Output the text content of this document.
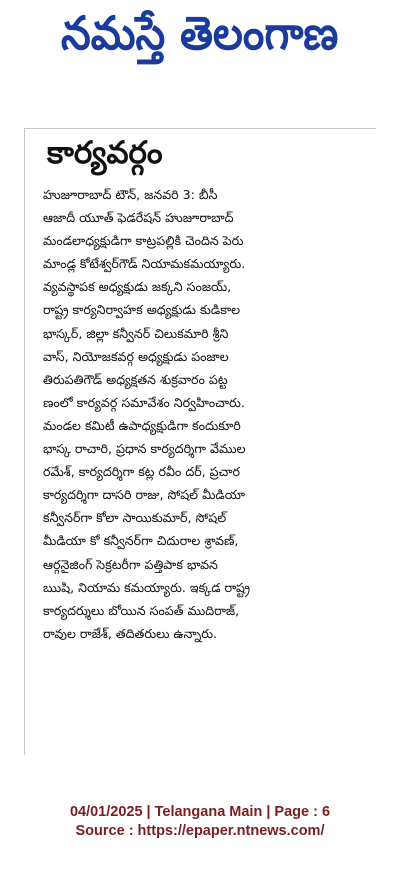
నమస్తే తెలంగాణ
కార్యవర్గం
హుజూరాబాద్ టౌన్, జనవరి 3: బీసీ
ఆజాదీ యూత్ ఫెడరేషన్ హుజూరాబాద్
మండలాధ్యక్షుడిగా కాట్రపల్లికి చెందిన పెరు
మాండ్ల కోటేశ్వర్‌గౌడ్ నియామకమయ్యారు.
వ్యవస్థాపక అధ్యక్షుడు జక్కని సంజయ్,
రాష్ట్ర కార్యనిర్వాహక అధ్యక్షుడు కుడికాల
భాస్కర్, జిల్లా కన్వీనర్ చిలుకమారి శ్రీని
వాస్, నియోజకవర్గ అధ్యక్షుడు పంజాల
తిరుపతిగౌడ్ అధ్యక్షతన శుక్రవారం పట్ట
ణంలో కార్యవర్గ సమావేశం నిర్వహించారు.
మండల కమిటీ ఉపాధ్యక్షుడిగా కందుకూరి
భాస్క రాచారి, ప్రధాన కార్యదర్శిగా వేముల
రమేశ్, కార్యదర్శిగా కట్ల రవీం దర్, ప్రచార
కార్యదర్శిగా దాసరి రాజు, సోషల్ మీడియా
కన్వీనర్‌గా కోలా సాయికుమార్, సోషల్
మీడియా కో కన్వీనర్‌గా చిదురాల శ్రావణ్,
ఆర్గనైజింగ్ సెక్రటరీగా పత్తిపాక భావన
ఋషి, నియామ కమయ్యారు. ఇక్కడ రాష్ట్ర
కార్యదర్శులు బోయిన సంపత్ ముదిరాజ్,
రావుల రాజేశ్, తదితరులు ఉన్నారు.
04/01/2025 | Telangana Main | Page : 6
Source : https://epaper.ntnews.com/
